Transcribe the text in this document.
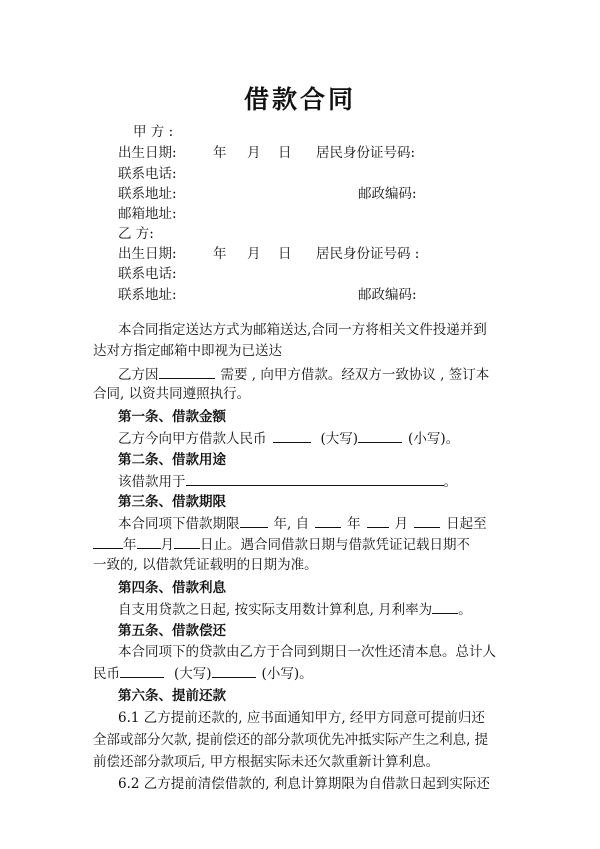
借款合同
甲 方 :
出生日期:	年 月 日 居民身份证号码:
联系电话:
联系地址:	邮政编码:
邮箱地址:
乙 方:
出生日期:	年 月 日 居民身份证号码 :
联系电话:
联系地址:	邮政编码:
本合同指定送达方式为邮箱送达,合同一方将相关文件投递并到
达对方指定邮箱中即视为已送达
乙方因	需要 , 向甲方借款。经双方一致协议 , 签订本
合同, 以资共同遵照执行。
第一条、借款金额
乙方今向甲方借款人民币	(大写)	(小写)。
第二条、借款用途
该借款用于	。
第三条、借款期限
本合同项下借款期限	年, 自	年	月	日起至
年 月 日止。遇合同借款日期与借款凭证记载日期不
一致的, 以借款凭证载明的日期为准。
第四条、借款利息
自支用贷款之日起, 按实际支用数计算利息, 月利率为 。
第五条、借款偿还
本合同项下的贷款由乙方于合同到期日一次性还清本息。总计人
民币	(大写)	(小写)。
第六条、提前还款
6.1 乙方提前还款的, 应书面通知甲方, 经甲方同意可提前归还
全部或部分欠款, 提前偿还的部分款项优先冲抵实际产生之利息, 提
前偿还部分款项后, 甲方根据实际未还欠款重新计算利息。
6.2 乙方提前清偿借款的, 利息计算期限为自借款日起到实际还
